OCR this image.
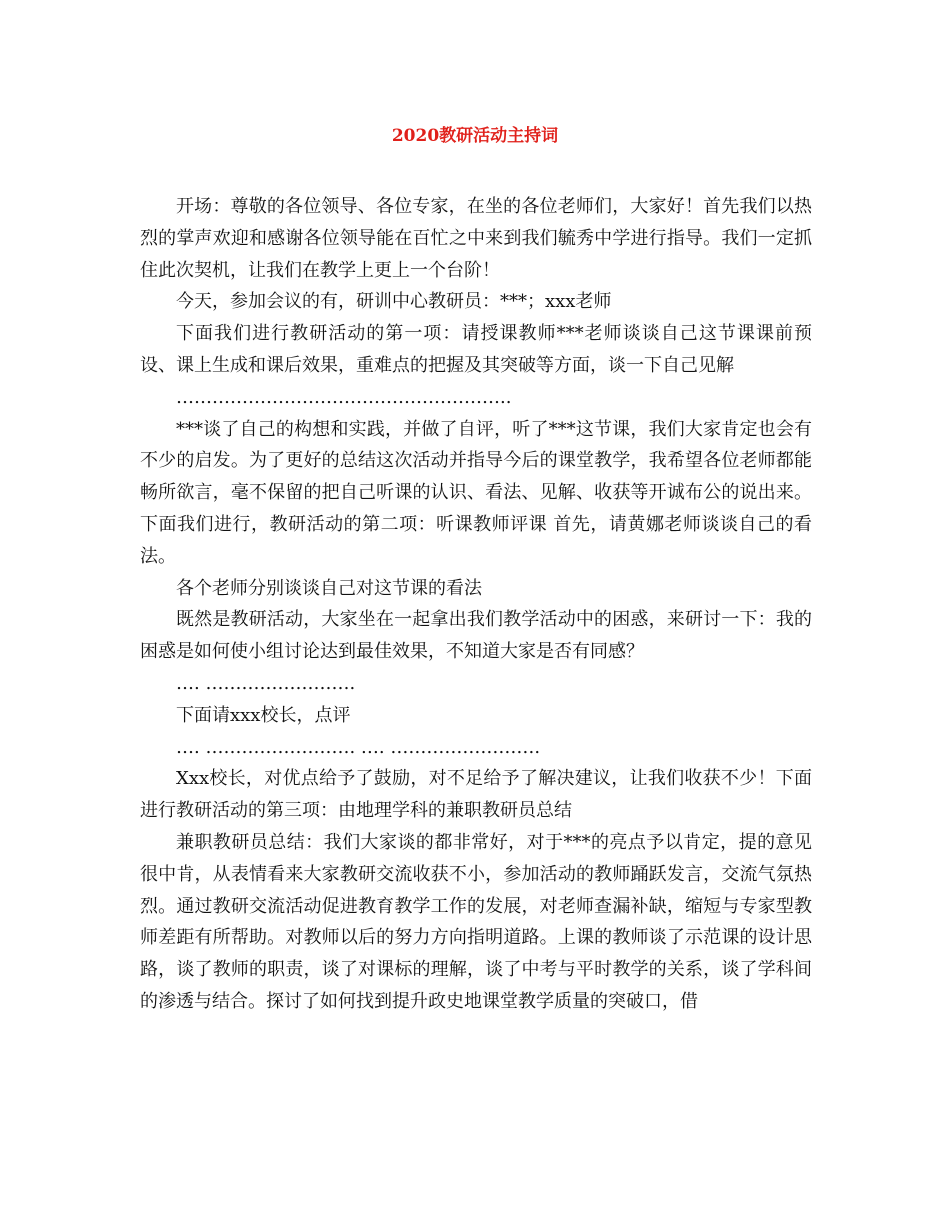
2020教研活动主持词

开场：尊敬的各位领导、各位专家，在坐的各位老师们，大家好！首先我们以热烈的掌声欢迎和感谢各位领导能在百忙之中来到我们毓秀中学进行指导。我们一定抓住此次契机，让我们在教学上更上一个台阶！

今天，参加会议的有，研训中心教研员：***；xxx老师

下面我们进行教研活动的第一项：请授课教师***老师谈谈自己这节课课前预设、课上生成和课后效果，重难点的把握及其突破等方面，谈一下自己见解

………………………………………………..

***谈了自己的构想和实践，并做了自评，听了***这节课，我们大家肯定也会有不少的启发。为了更好的总结这次活动并指导今后的课堂教学，我希望各位老师都能畅所欲言，毫不保留的把自己听课的认识、看法、见解、收获等开诚布公的说出来。下面我们进行，教研活动的第二项：听课教师评课 首先，请黄娜老师谈谈自己的看法。

各个老师分别谈谈自己对这节课的看法

既然是教研活动，大家坐在一起拿出我们教学活动中的困惑，来研讨一下：我的困惑是如何使小组讨论达到最佳效果，不知道大家是否有同感？

…. …………………….

下面请xxx校长，点评

…. ……………………. …. …………………….

Xxx校长，对优点给予了鼓励，对不足给予了解决建议，让我们收获不少！下面进行教研活动的第三项：由地理学科的兼职教研员总结

兼职教研员总结：我们大家谈的都非常好，对于***的亮点予以肯定，提的意见很中肯，从表情看来大家教研交流收获不小，参加活动的教师踊跃发言，交流气氛热烈。通过教研交流活动促进教育教学工作的发展，对老师查漏补缺，缩短与专家型教师差距有所帮助。对教师以后的努力方向指明道路。上课的教师谈了示范课的设计思路，谈了教师的职责，谈了对课标的理解，谈了中考与平时教学的关系，谈了学科间的渗透与结合。探讨了如何找到提升政史地课堂教学质量的突破口，借
